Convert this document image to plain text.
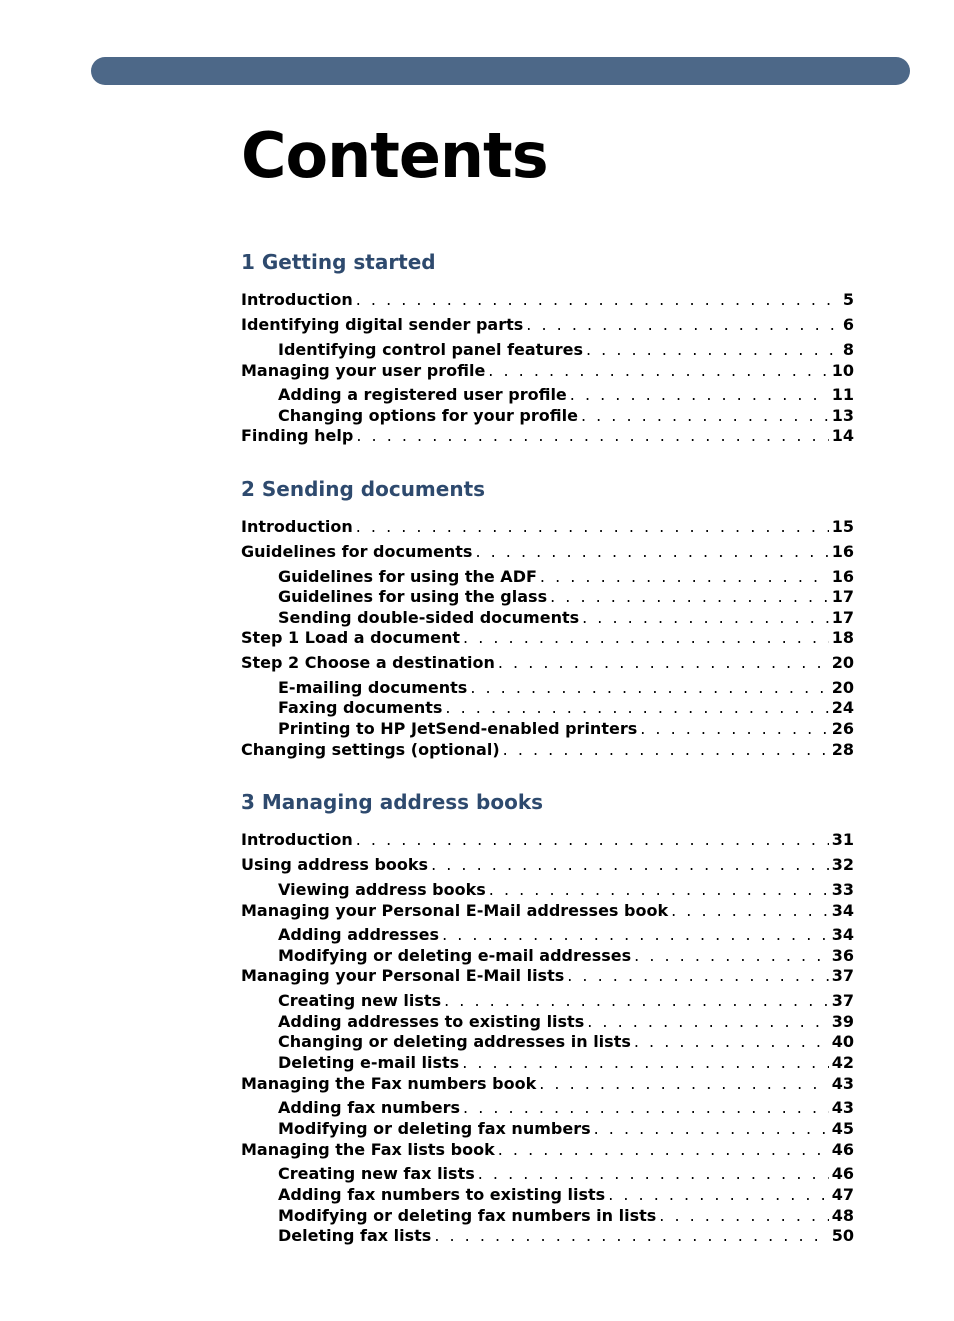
Contents
1 Getting started
Introduction . . .	5
Identifying digital sender parts . . .	6
Identifying control panel features . . .	8
Managing your user profile . . .	10
Adding a registered user profile . . .	11
Changing options for your profile . . .	13
Finding help . . .	14
2 Sending documents
Introduction . . .	15
Guidelines for documents . . .	16
Guidelines for using the ADF . . .	16
Guidelines for using the glass . . .	17
Sending double-sided documents . . .	17
Step 1 Load a document . . .	18
Step 2 Choose a destination . . .	20
E-mailing documents . . .	20
Faxing documents . . .	24
Printing to HP JetSend-enabled printers . . .	26
Changing settings (optional) . . .	28
3 Managing address books
Introduction . . .	31
Using address books . . .	32
Viewing address books . . .	33
Managing your Personal E-Mail addresses book . . .	34
Adding addresses . . .	34
Modifying or deleting e-mail addresses . . .	36
Managing your Personal E-Mail lists . . .	37
Creating new lists . . .	37
Adding addresses to existing lists . . .	39
Changing or deleting addresses in lists . . .	40
Deleting e-mail lists . . .	42
Managing the Fax numbers book . . .	43
Adding fax numbers . . .	43
Modifying or deleting fax numbers . . .	45
Managing the Fax lists book . . .	46
Creating new fax lists . . .	46
Adding fax numbers to existing lists . . .	47
Modifying or deleting fax numbers in lists . . .	48
Deleting fax lists . . .	50
